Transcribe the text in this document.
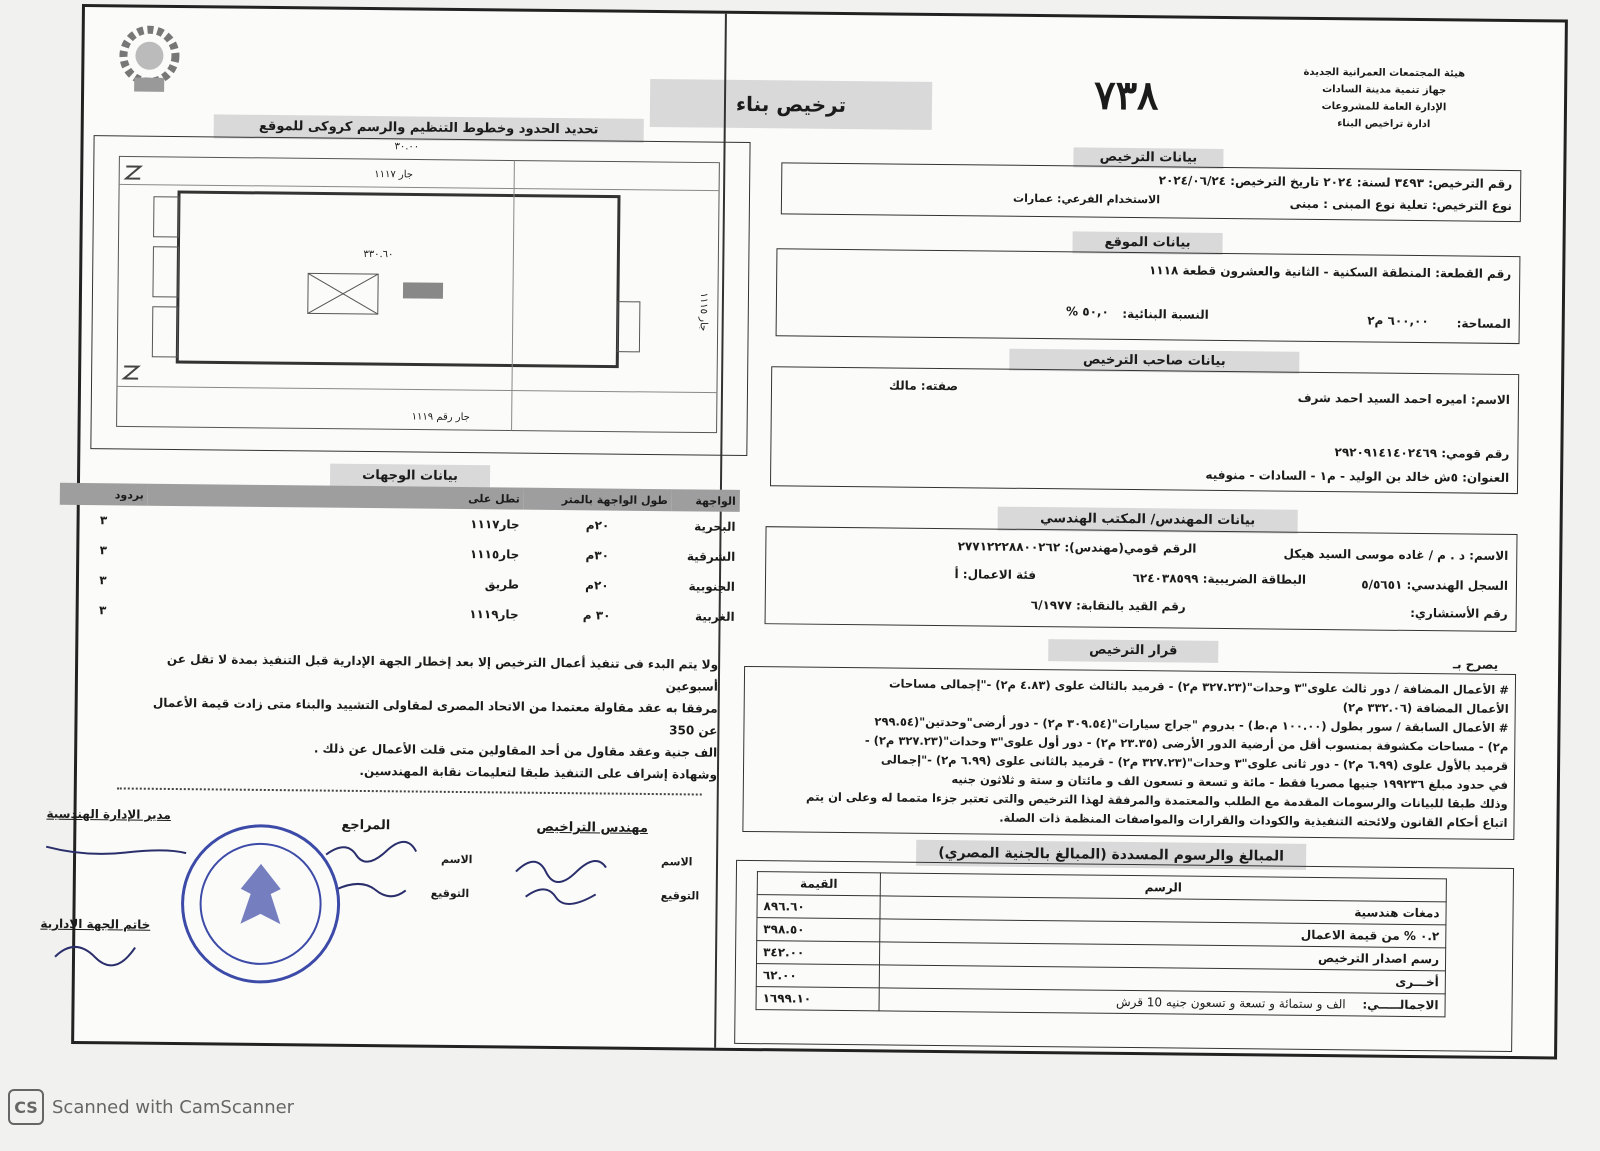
هيئة المجتمعات العمرانية الجديدة
جهاز تنمية مدينة السادات
الإدارة العامة للمشروعات
ادارة تراخيص البناء
٧٣٨
ترخيص بناء
تحديد الحدود وخطوط التنظيم والرسم كروكى للموقع
٣٠.٠٠
٣٣٠.٦٠
جار ١١١٧
جار رقم ١١١٩
جار ١١١٥
بيانات الوجهات
الواجهة	طول الواجهة بالمتر	تطل على	بردود
البحرية	٢٠م	جار١١١٧	٣
الشرقية	٣٠م	جار١١١٥	٣
الجنوبية	٢٠م	طريق	٣
الغربية	٣٠ م	جار١١١٩	٣
ولا يتم البدء فى تنفيذ أعمال الترخيص إلا بعد إخطار الجهة الإدارية قبل التنفيذ بمدة لا تقل عن أسبوعين
مرفقا به عقد مقاولة معتمدا من الاتحاد المصرى لمقاولى التشييد والبناء متى زادت قيمة الأعمال عن 350
الف جنية وعقد مقاول من أحد المقاولين متى قلت الأعمال عن ذلك .
وشهادة إشراف على التنفيذ طبقا لتعليمات نقابة المهندسين.
مهندس التراخيص
الاسم
التوقيع
المراجع
الاسم
التوقيع
مدير الإدارة الهندسية
خاتم الجهة الادارية
بيانات الترخيص
رقم الترخيص: ٣٤٩٣ لسنة: ٢٠٢٤ تاريخ الترخيص: ٢٠٢٤/٠٦/٢٤
نوع الترخيص: تعلية نوع المبنى : مبنى
الاستخدام الفرعي: عمارات
بيانات الموقع
رقم القطعة: المنطقة السكنية - الثانية والعشرون قطعة ١١١٨
المساحة:
٦٠٠,٠٠ م٢
النسبة البنائية:
٥٠,٠ %
بيانات صاحب الترخيص
الاسم: اميره احمد السيد احمد شرف
صفته: مالك
رقم قومي: ٢٩٢٠٩١٤١٤٠٢٤٦٩
العنوان: ٥ش خالد بن الوليد - م١ - السادات - منوفيه
بيانات المهندس/ المكتب الهندسي
الاسم: د . م / غاده موسى السيد هيكل
الرقم قومي(مهندس): ٢٧٧١٢٢٢٨٨٠٠٢٦٢
السجل الهندسي: ٥/٥٦٥١
البطاقة الضريبية: ٦٢٤٠٣٨٥٩٩
فئة الاعمال: أ
رقم الأستشاري:
رقم القيد بالنقابة: ٦/١٩٧٧
قرار الترخيص
يصرح بـ
# الأعمال المضافة / دور ثالث علوى"٣ وحدات"(٣٢٧.٢٣ م٢) - قرميد بالثالث علوى (٤.٨٣ م٢) -"إجمالى مساحات
الأعمال المضافة (٣٣٢.٠٦ م٢)
# الأعمال السابقة / سور بطول (١٠٠.٠٠ م.ط) - بدروم "جراج سيارات"(٣٠٩.٥٤ م٢) - دور أرضى"وحدتين"(٢٩٩.٥٤
م٢) - مساحات مكشوفة بمنسوب أقل من أرضية الدور الأرضى (٢٣.٣٥ م٢) - دور أول علوى"٣ وحدات"(٣٢٧.٢٣ م٢) -
قرميد بالأول علوى (٦.٩٩ م٢) - دور ثانى علوى"٣ وحدات"(٣٢٧.٢٣ م٢) - قرميد بالثانى علوى (٦.٩٩ م٢) -"إجمالى
في حدود مبلغ ١٩٩٢٣٦ جنيها مصريا فقط - مائة و تسعة و تسعون الف و مائتان و ستة و ثلاثون جنيه
وذلك طبقا للبيانات والرسومات المقدمة مع الطلب والمعتمدة والمرفقة لهذا الترخيص والتى تعتبر جزءا متمما له وعلى ان يتم
اتباع أحكام القانون ولائحته التنفيذية والكودات والقرارات والمواصفات المنظمة ذات الصلة.
المبالغ والرسوم المسددة (المبالغ بالجنية المصري)
القيمة	الرسم
٨٩٦.٦٠	دمغات هندسية
٣٩٨.٥٠	٠.٢ % من قيمة الاعمال
٣٤٢.٠٠	رسم اصدار الترخيص
٦٢.٠٠	أخـــرى
١٦٩٩.١٠	الاجمالـــــي:    الف و ستمائة و تسعة و تسعون جنيه 10 قرش
CS Scanned with CamScanner
